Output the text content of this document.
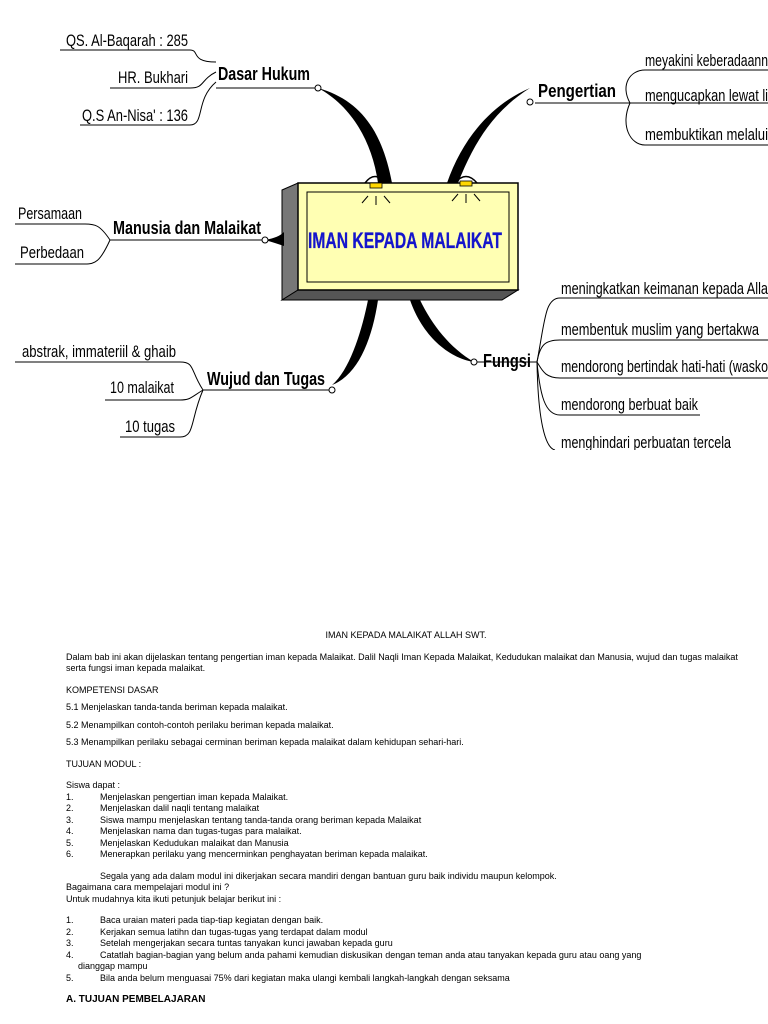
IMAN KEPADA MALAIKAT
Dasar Hukum
QS. Al-Baqarah : 285
HR. Bukhari
Q.S An-Nisa' : 136
Pengertian
meyakini keberadaann
mengucapkan lewat li
membuktikan melalui
Manusia dan Malaikat
Persamaan
Perbedaan
Wujud dan Tugas
abstrak, immateriil & ghaib
10 malaikat
10 tugas
Fungsi
meningkatkan keimanan kepada Alla
membentuk muslim yang bertakwa
mendorong bertindak hati-hati (wasko
mendorong berbuat baik
menghindari perbuatan tercela

IMAN KEPADA MALAIKAT ALLAH SWT.

Dalam bab ini akan dijelaskan tentang pengertian iman kepada Malaikat. Dalil Naqli Iman Kepada Malaikat, Kedudukan malaikat dan Manusia, wujud dan tugas malaikat serta fungsi iman kepada malaikat.

KOMPETENSI DASAR

5.1 Menjelaskan tanda-tanda beriman kepada malaikat.

5.2 Menampilkan contoh-contoh perilaku beriman kepada malaikat.

5.3 Menampilkan perilaku sebagai cerminan beriman kepada malaikat dalam kehidupan sehari-hari.

TUJUAN MODUL :

Siswa dapat :

1.	Menjelaskan pengertian iman kepada Malaikat.
2.	Menjelaskan dalil naqli tentang malaikat
3.	Siswa mampu menjelaskan tentang tanda-tanda orang beriman kepada Malaikat
4.	Menjelaskan nama dan tugas-tugas para malaikat.
5.	Menjelaskan Kedudukan malaikat dan Manusia
6.	Menerapkan perilaku yang mencerminkan penghayatan beriman kepada malaikat.

Segala yang ada dalam modul ini dikerjakan secara mandiri dengan bantuan guru baik individu maupun kelompok.

Bagaimana cara mempelajari modul ini ?

Untuk mudahnya kita ikuti petunjuk belajar berikut ini :

1.	Baca uraian materi pada tiap-tiap kegiatan dengan baik.
2.	Kerjakan semua latihn dan tugas-tugas yang terdapat dalam modul
3.	Setelah mengerjakan secara tuntas tanyakan kunci jawaban kepada guru
4.	Catatlah bagian-bagian yang belum anda pahami kemudian diskusikan dengan teman anda atau tanyakan kepada guru atau oang yang

dianggap mampu

5.	Bila anda belum menguasai 75% dari kegiatan maka ulangi kembali langkah-langkah dengan seksama

A. TUJUAN PEMBELAJARAN
